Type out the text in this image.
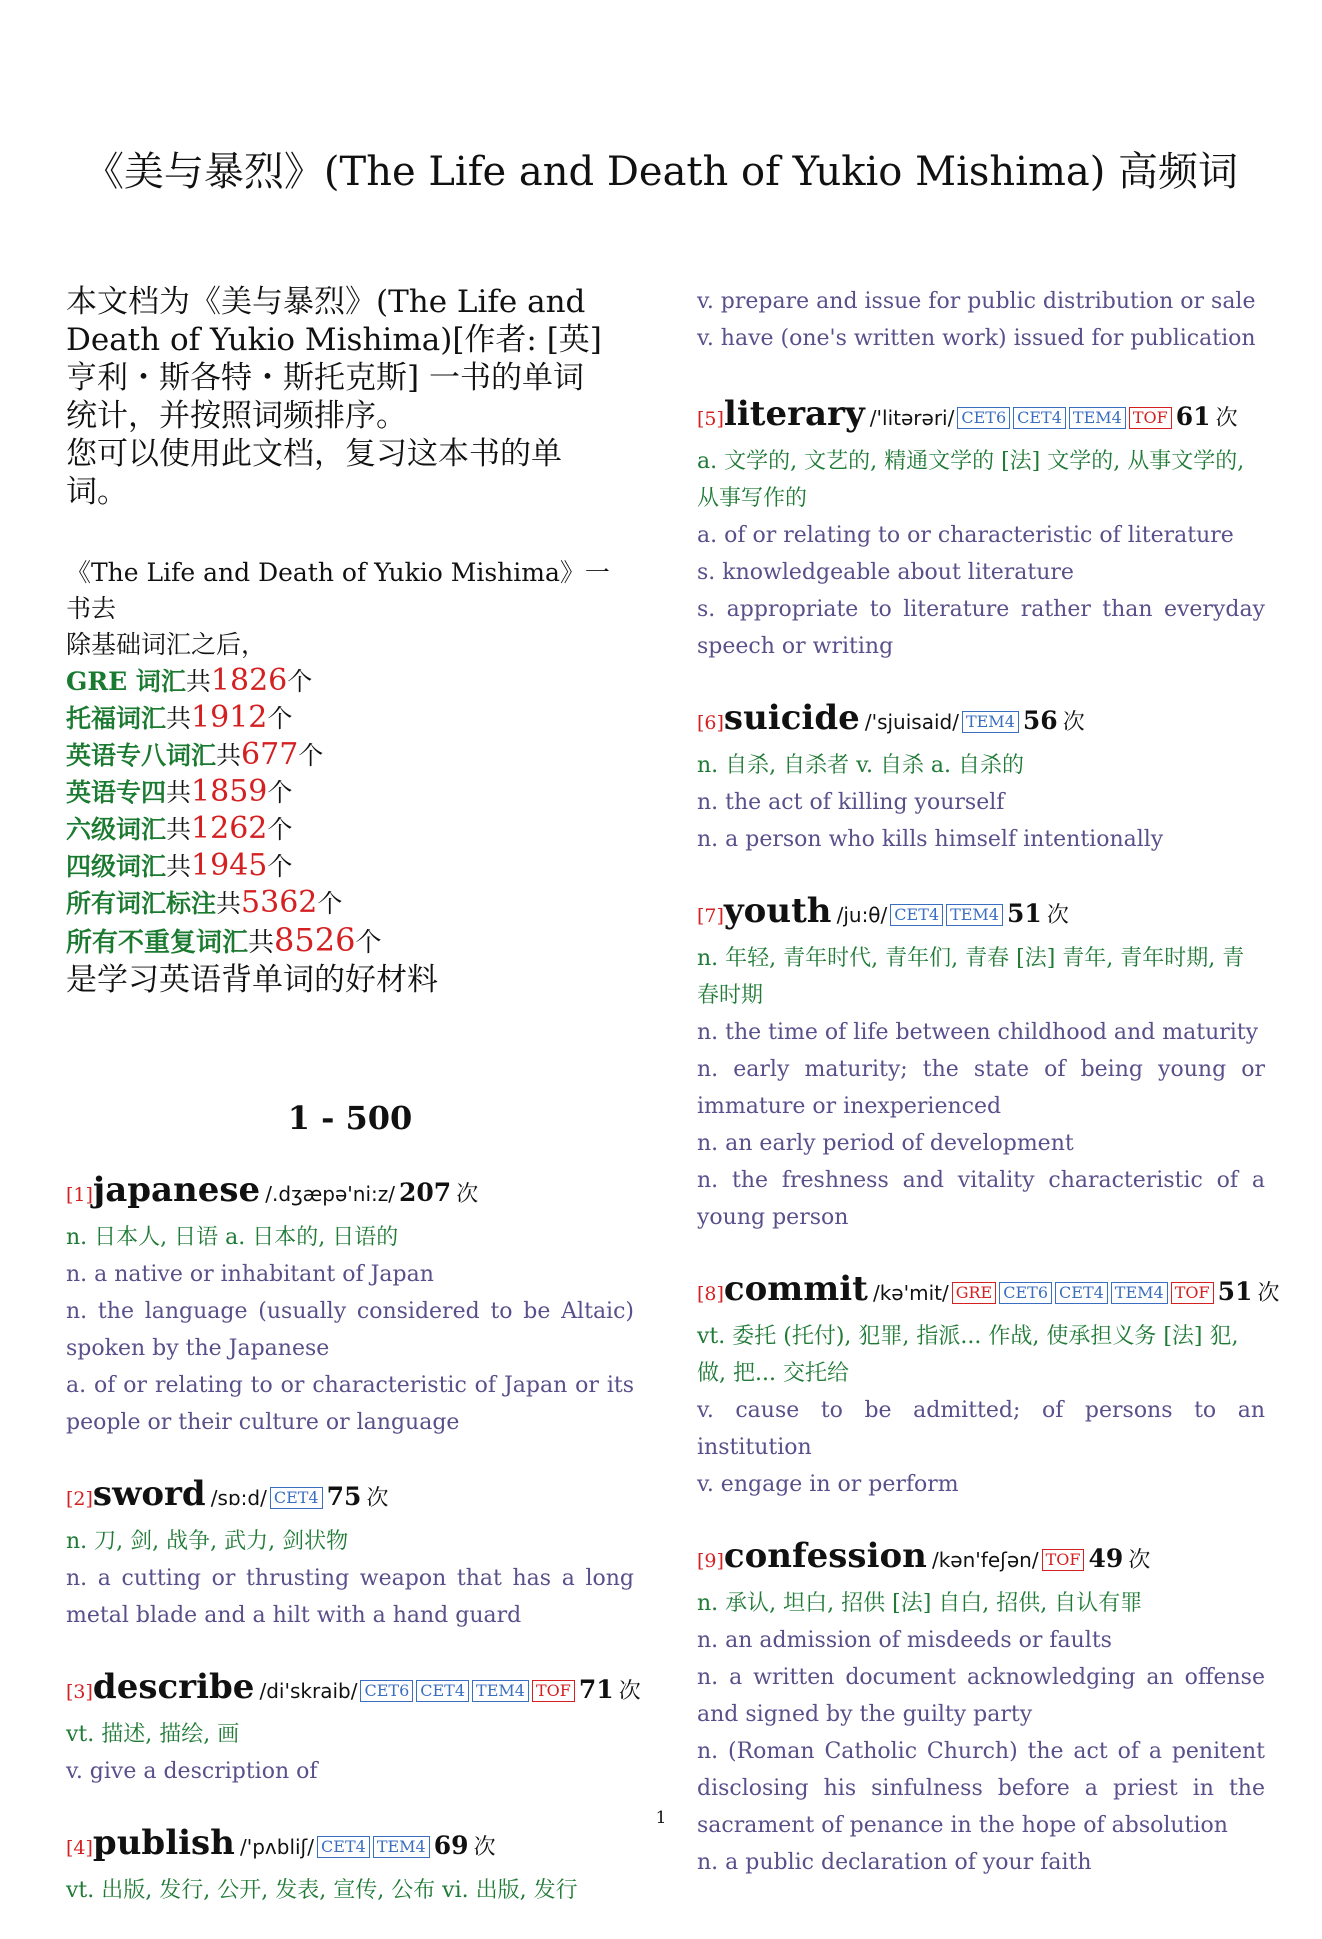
《美与暴烈》(The Life and Death of Yukio Mishima) 高频词
本文档为《美与暴烈》(The Life and
Death of Yukio Mishima)[作者: [英]
亨利・斯各特・斯托克斯] 一书的单词
统计，并按照词频排序。
您可以使用此文档，复习这本书的单
词。
《The Life and Death of Yukio Mishima》一书去
除基础词汇之后，
GRE 词汇共1826个
托福词汇共1912个
英语专八词汇共677个
英语专四共1859个
六级词汇共1262个
四级词汇共1945个
所有词汇标注共5362个
所有不重复词汇共8526个
是学习英语背单词的好材料
1 - 500
[1]japanese /.dʒæpə'ni:z/ 207 次
n. 日本人, 日语 a. 日本的, 日语的
n. a native or inhabitant of Japan
n. the language (usually considered to be Altaic) spoken by the Japanese
a. of or relating to or characteristic of Japan or its people or their culture or language
[2]sword /sɒ:d/ CET4 75 次
n. 刀, 剑, 战争, 武力, 剑状物
n. a cutting or thrusting weapon that has a long metal blade and a hilt with a hand guard
[3]describe /di'skraib/ CET6 CET4 TEM4 TOF 71 次
vt. 描述, 描绘, 画
v. give a description of
[4]publish /'pʌbliʃ/ CET4 TEM4 69 次
vt. 出版, 发行, 公开, 发表, 宣传, 公布 vi. 出版, 发行
v. prepare and issue for public distribution or sale
v. have (one's written work) issued for publication
[5]literary /'litərəri/ CET6 CET4 TEM4 TOF 61 次
a. 文学的, 文艺的, 精通文学的 [法] 文学的, 从事文学的, 从事写作的
a. of or relating to or characteristic of literature
s. knowledgeable about literature
s. appropriate to literature rather than everyday speech or writing
[6]suicide /'sjuisaid/ TEM4 56 次
n. 自杀, 自杀者 v. 自杀 a. 自杀的
n. the act of killing yourself
n. a person who kills himself intentionally
[7]youth /ju:θ/ CET4 TEM4 51 次
n. 年轻, 青年时代, 青年们, 青春 [法] 青年, 青年时期, 青春时期
n. the time of life between childhood and maturity
n. early maturity; the state of being young or immature or inexperienced
n. an early period of development
n. the freshness and vitality characteristic of a young person
[8]commit /kə'mit/ GRE CET6 CET4 TEM4 TOF 51 次
vt. 委托 (托付), 犯罪, 指派... 作战, 使承担义务 [法] 犯, 做, 把... 交托给
v. cause to be admitted; of persons to an institution
v. engage in or perform
[9]confession /kən'feʃən/ TOF 49 次
n. 承认, 坦白, 招供 [法] 自白, 招供, 自认有罪
n. an admission of misdeeds or faults
n. a written document acknowledging an offense and signed by the guilty party
n. (Roman Catholic Church) the act of a penitent disclosing his sinfulness before a priest in the sacrament of penance in the hope of absolution
n. a public declaration of your faith
1
